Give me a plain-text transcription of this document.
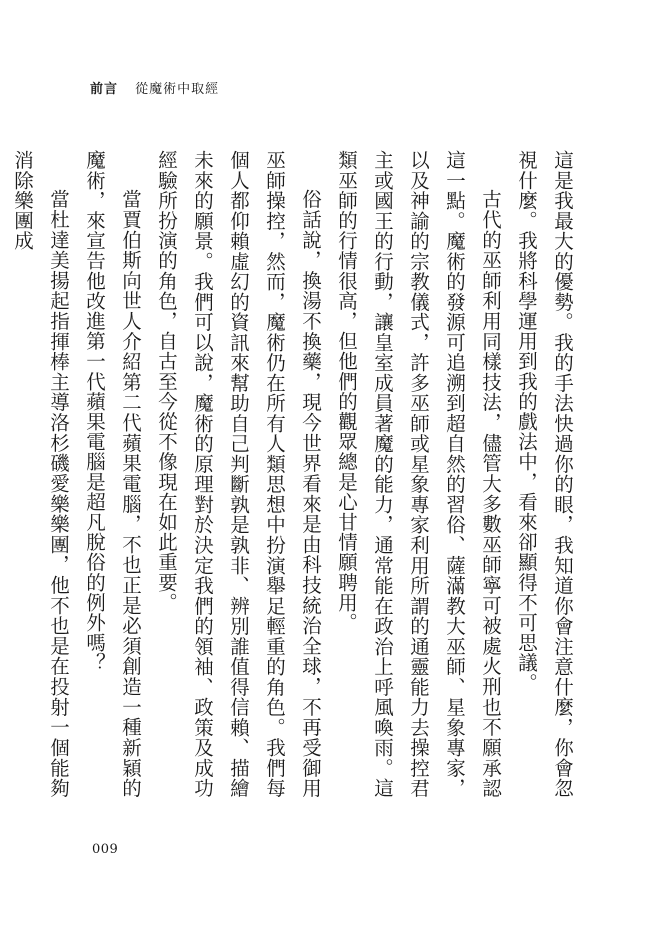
前言 從魔術中取經

這是我最大的優勢。我的手法快過你的眼，我知道你會注意什麼，你會忽視什麼。我將科學運用到我的戲法中，看來卻顯得不可思議。

古代的巫師利用同樣技法，儘管大多數巫師寧可被處火刑也不願承認這一點。魔術的發源可追溯到超自然的習俗、薩滿教大巫師、星象專家，以及神諭的宗教儀式，許多巫師或星象專家利用所謂的通靈能力去操控君主或國王的行動，讓皇室成員著魔的能力，通常能在政治上呼風喚雨。這類巫師的行情很高，但他們的觀眾總是心甘情願聘用。

俗話說，換湯不換藥，現今世界看來是由科技統治全球，不再受御用巫師操控，然而，魔術仍在所有人類思想中扮演舉足輕重的角色。我們每個人都仰賴虛幻的資訊來幫助自己判斷孰是孰非、辨別誰值得信賴、描繪未來的願景。我們可以說，魔術的原理對於決定我們的領袖、政策及成功經驗所扮演的角色，自古至今從不像現在如此重要。

當賈伯斯向世人介紹第二代蘋果電腦，不也正是必須創造一種新穎的魔術，來宣告他改進第一代蘋果電腦是超凡脫俗的例外嗎？

當杜達美揚起指揮棒主導洛杉磯愛樂樂團，他不也是在投射一個能夠消除樂團成

009
